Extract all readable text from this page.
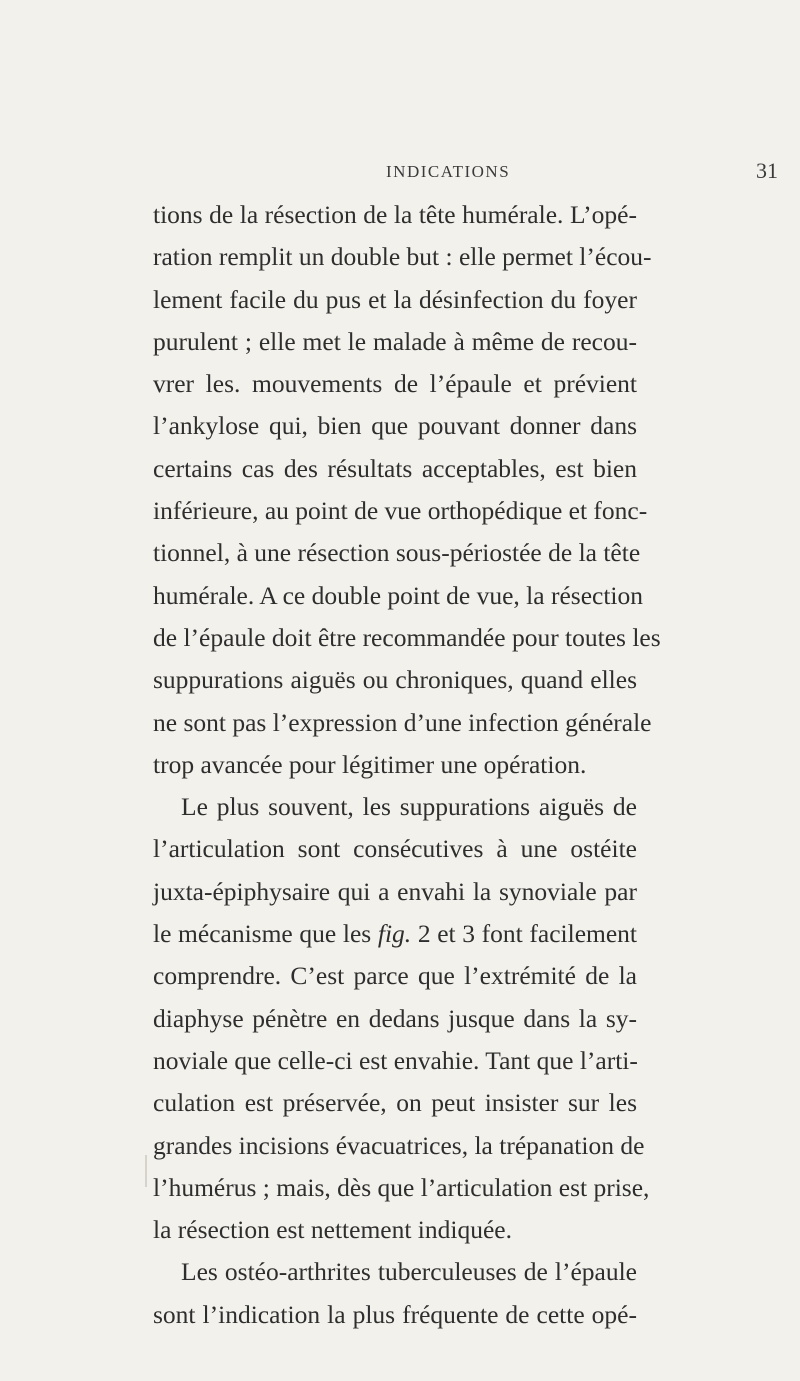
INDICATIONS	31
tions de la résection de la tête humérale. L’opé-
ration remplit un double but : elle permet l’écou-
lement facile du pus et la désinfection du foyer
purulent ; elle met le malade à même de recou-
vrer les. mouvements de l’épaule et prévient
l’ankylose qui, bien que pouvant donner dans
certains cas des résultats acceptables, est bien
inférieure, au point de vue orthopédique et fonc-
tionnel, à une résection sous-périostée de la tête
humérale. A ce double point de vue, la résection
de l’épaule doit être recommandée pour toutes les
suppurations aiguës ou chroniques, quand elles
ne sont pas l’expression d’une infection générale
trop avancée pour légitimer une opération.
Le plus souvent, les suppurations aiguës de
l’articulation sont consécutives à une ostéite
juxta-épiphysaire qui a envahi la synoviale par
le mécanisme que les fig. 2 et 3 font facilement
comprendre. C’est parce que l’extrémité de la
diaphyse pénètre en dedans jusque dans la sy-
noviale que celle-ci est envahie. Tant que l’arti-
culation est préservée, on peut insister sur les
grandes incisions évacuatrices, la trépanation de
l’humérus ; mais, dès que l’articulation est prise,
la résection est nettement indiquée.
Les ostéo-arthrites tuberculeuses de l’épaule
sont l’indication la plus fréquente de cette opé-
